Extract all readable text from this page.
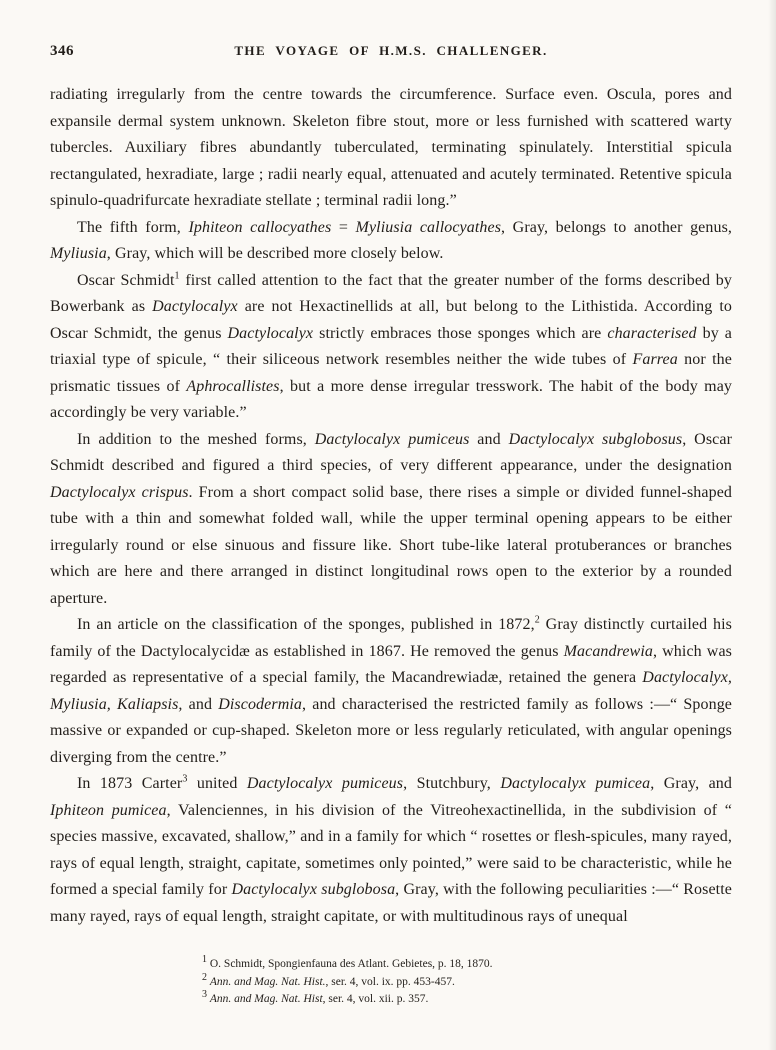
346	THE VOYAGE OF H.M.S. CHALLENGER.

radiating irregularly from the centre towards the circumference. Surface even. Oscula, pores and expansile dermal system unknown. Skeleton fibre stout, more or less furnished with scattered warty tubercles. Auxiliary fibres abundantly tuberculated, terminating spinulately. Interstitial spicula rectangulated, hexradiate, large ; radii nearly equal, attenuated and acutely terminated. Retentive spicula spinulo-quadrifurcate hexradiate stellate ; terminal radii long.”

The fifth form, Iphiteon callocyathes = Myliusia callocyathes, Gray, belongs to another genus, Myliusia, Gray, which will be described more closely below.

Oscar Schmidt$^1$ first called attention to the fact that the greater number of the forms described by Bowerbank as Dactylocalyx are not Hexactinellids at all, but belong to the Lithistida. According to Oscar Schmidt, the genus Dactylocalyx strictly embraces those sponges which are characterised by a triaxial type of spicule, “ their siliceous network resembles neither the wide tubes of Farrea nor the prismatic tissues of Aphrocallistes, but a more dense irregular tresswork. The habit of the body may accordingly be very variable.”

In addition to the meshed forms, Dactylocalyx pumiceus and Dactylocalyx subglobosus, Oscar Schmidt described and figured a third species, of very different appearance, under the designation Dactylocalyx crispus. From a short compact solid base, there rises a simple or divided funnel-shaped tube with a thin and somewhat folded wall, while the upper terminal opening appears to be either irregularly round or else sinuous and fissure like. Short tube-like lateral protuberances or branches which are here and there arranged in distinct longitudinal rows open to the exterior by a rounded aperture.

In an article on the classification of the sponges, published in 1872,$^2$ Gray distinctly curtailed his family of the Dactylocalycidæ as established in 1867. He removed the genus Macandrewia, which was regarded as representative of a special family, the Macandrewiadæ, retained the genera Dactylocalyx, Myliusia, Kaliapsis, and Discodermia, and characterised the restricted family as follows :—“ Sponge massive or expanded or cup-shaped. Skeleton more or less regularly reticulated, with angular openings diverging from the centre.”

In 1873 Carter$^3$ united Dactylocalyx pumiceus, Stutchbury, Dactylocalyx pumicea, Gray, and Iphiteon pumicea, Valenciennes, in his division of the Vitreohexactinellida, in the subdivision of “ species massive, excavated, shallow,” and in a family for which “ rosettes or flesh-spicules, many rayed, rays of equal length, straight, capitate, sometimes only pointed,” were said to be characteristic, while he formed a special family for Dactylocalyx subglobosa, Gray, with the following peculiarities :—“ Rosette many rayed, rays of equal length, straight capitate, or with multitudinous rays of unequal

$^1$ O. Schmidt, Spongienfauna des Atlant. Gebietes, p. 18, 1870.
$^2$ Ann. and Mag. Nat. Hist., ser. 4, vol. ix. pp. 453-457.
$^3$ Ann. and Mag. Nat. Hist, ser. 4, vol. xii. p. 357.
